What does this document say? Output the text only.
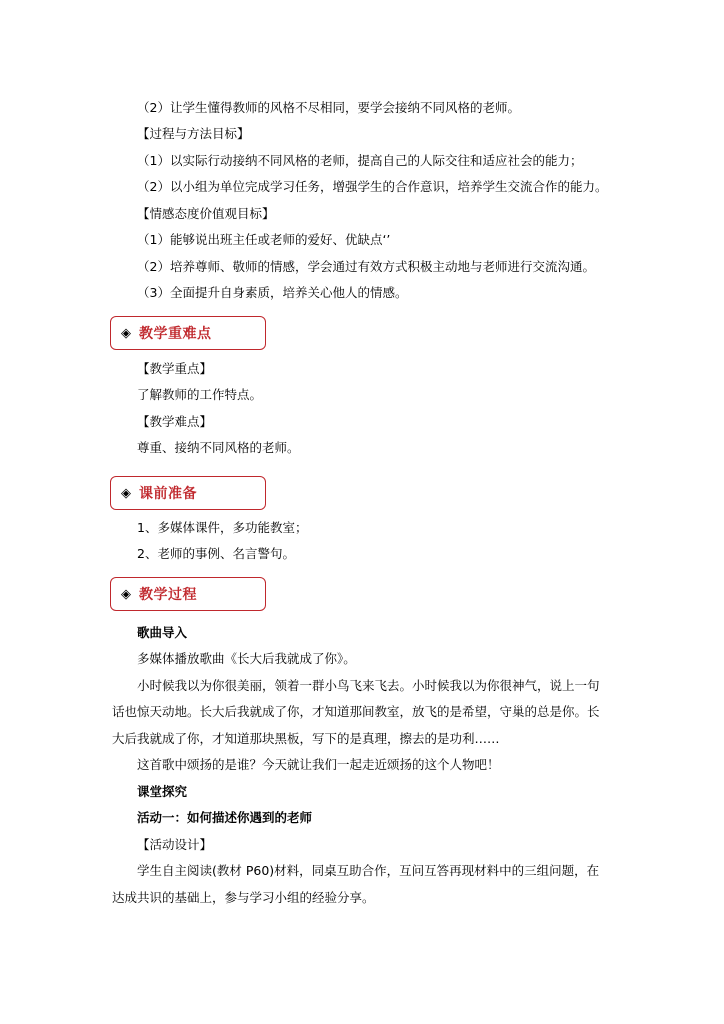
（2）让学生懂得教师的风格不尽相同，要学会接纳不同风格的老师。
【过程与方法目标】
（1）以实际行动接纳不同风格的老师，提高自己的人际交往和适应社会的能力；
（2）以小组为单位完成学习任务，增强学生的合作意识，培养学生交流合作的能力。
【情感态度价值观目标】
（1）能够说出班主任或老师的爱好、优缺点‘’
（2）培养尊师、敬师的情感，学会通过有效方式积极主动地与老师进行交流沟通。
（3）全面提升自身素质，培养关心他人的情感。
◈ 教学重难点
【教学重点】
了解教师的工作特点。
【教学难点】
尊重、接纳不同风格的老师。
◈ 课前准备
1、多媒体课件，多功能教室；
2、老师的事例、名言警句。
◈ 教学过程
歌曲导入
多媒体播放歌曲《长大后我就成了你》。
小时候我以为你很美丽，领着一群小鸟飞来飞去。小时候我以为你很神气，说上一句
话也惊天动地。长大后我就成了你，才知道那间教室，放飞的是希望，守巢的总是你。长
大后我就成了你，才知道那块黑板，写下的是真理，擦去的是功利……
这首歌中颂扬的是谁？今天就让我们一起走近颂扬的这个人物吧！
课堂探究
活动一：如何描述你遇到的老师
【活动设计】
学生自主阅读(教材 P60)材料，同桌互助合作，互问互答再现材料中的三组问题，在
达成共识的基础上，参与学习小组的经验分享。
